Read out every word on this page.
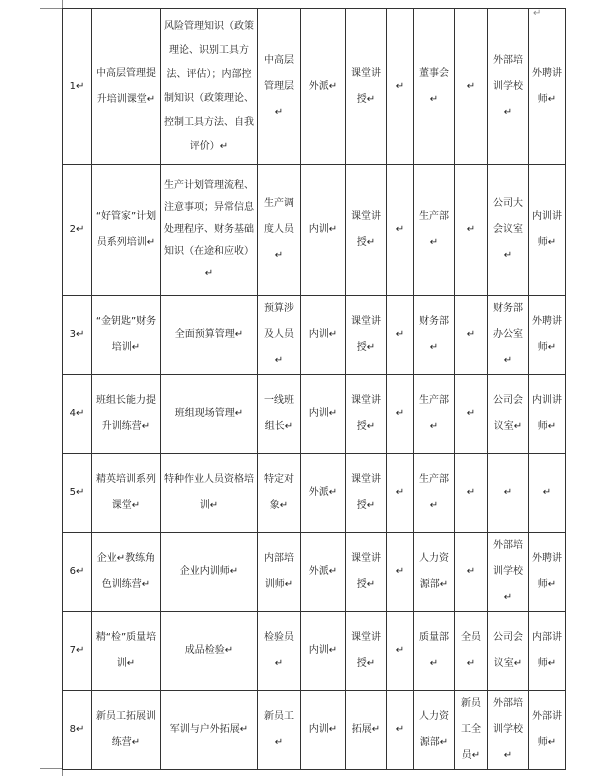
↵
1↵	中高层管理提升培训课堂↵	风险管理知识（政策理论、识别工具方法、评估）；内部控制知识（政策理论、控制工具方法、自我评价）↵	中高层管理层↵	外派↵	课堂讲授↵	↵	董事会↵	↵	外部培训学校↵	外聘讲师↵
2↵	“好管家”计划员系列培训↵	生产计划管理流程、注意事项；异常信息处理程序、财务基础知识（在途和应收）↵	生产调度人员↵	内训↵	课堂讲授↵	↵	生产部↵	↵	公司大会议室↵	内训讲师↵
3↵	“金钥匙”财务培训↵	全面预算管理↵	预算涉及人员↵	内训↵	课堂讲授↵	↵	财务部↵	↵	财务部办公室↵	外聘讲师↵
4↵	班组长能力提升训练营↵	班组现场管理↵	一线班组长↵	内训↵	课堂讲授↵	↵	生产部↵	↵	公司会议室↵	内训讲师↵
5↵	精英培训系列课堂↵	特种作业人员资格培训↵	特定对象↵	外派↵	课堂讲授↵	↵	生产部↵	↵	↵	↵
6↵	企业↵教练角色训练营↵	企业内训师↵	内部培训师↵	外派↵	课堂讲授↵	↵	人力资源部↵	↵	外部培训学校↵	外聘讲师↵
7↵	精“检”质量培训↵	成品检验↵	检验员↵	内训↵	课堂讲授↵	↵	质量部↵	全员↵	公司会议室↵	内部讲师↵
8↵	新员工拓展训练营↵	军训与户外拓展↵	新员工↵	内训↵	拓展↵	↵	人力资源部↵	新员工全员↵	外部培训学校↵	外部讲师↵
